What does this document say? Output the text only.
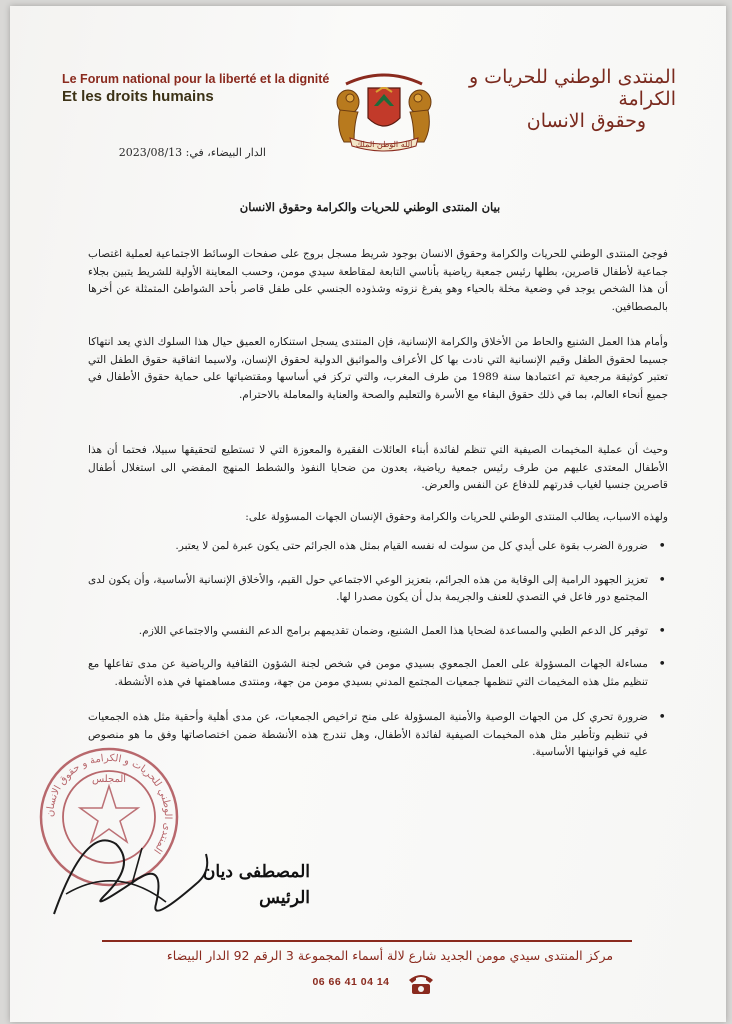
Le Forum national pour la liberté et la dignité
Et les droits humains
الله الوطن الملك
المنتدى الوطني للحريات و الكرامة
وحقوق الانسان
الدار البيضاء، في: 2023/08/13
بيان المنتدى الوطني للحريات والكرامة وحقوق الانسان

فوجئ المنتدى الوطني للحريات والكرامة وحقوق الانسان بوجود شريط مسجل بروج على صفحات الوسائط الاجتماعية لعملية اغتصاب جماعية لأطفال قاصرين، بطلها رئيس جمعية رياضية بأناسي التابعة لمقاطعة سيدي مومن، وحسب المعاينة الأولية للشريط يتبين بجلاء أن هذا الشخص يوجد في وضعية مخلة بالحياء وهو يفرغ نزوته وشذوده الجنسي على طفل قاصر بأحد الشواطئ المتمثلة عن أخرها بالمصطافين.

وأمام هذا العمل الشنيع والحاط من الأخلاق والكرامة الإنسانية، فإن المنتدى يسجل استنكاره العميق حيال هذا السلوك الذي يعد انتهاكا جسيما لحقوق الطفل وقيم الإنسانية التي نادت بها كل الأعراف والمواثيق الدولية لحقوق الإنسان، ولاسيما اتفاقية حقوق الطفل التي تعتبر كوثيقة مرجعية تم اعتمادها سنة 1989 من طرف المغرب، والتي تركز في أساسها ومقتضياتها على حماية حقوق الأطفال في جميع أنحاء العالم، بما في ذلك حقوق البقاء مع الأسرة والتعليم والصحة والعناية والمعاملة بالاحترام.

وحيث أن عملية المخيمات الصيفية التي تنظم لفائدة أبناء العائلات الفقيرة والمعوزة التي لا تستطيع لتحقيقها سبيلا، فحتما أن هذا الأطفال المعتدى عليهم من طرف رئيس جمعية رياضية، يعدون من ضحايا النفوذ والشطط المنهج المفضي الى استغلال أطفال قاصرين جنسيا لغياب قدرتهم للدفاع عن النفس والعرض.

ولهذه الاسباب، يطالب المنتدى الوطني للحريات والكرامة وحقوق الإنسان الجهات المسؤولة على:

• ضرورة الضرب بقوة على أيدي كل من سولت له نفسه القيام بمثل هذه الجرائم حتى يكون عبرة لمن لا يعتبر.
• تعزيز الجهود الرامية إلى الوقاية من هذه الجرائم، بتعزيز الوعي الاجتماعي حول القيم، والأخلاق الإنسانية الأساسية، وأن يكون لدى المجتمع دور فاعل في التصدي للعنف والجريمة بدل أن يكون مصدرا لها.
• توفير كل الدعم الطبي والمساعدة لضحايا هذا العمل الشنيع، وضمان تقديمهم برامج الدعم النفسي والاجتماعي اللازم.
• مساءلة الجهات المسؤولة على العمل الجمعوي بسيدي مومن في شخص لجنة الشؤون الثقافية والرياضية عن مدى تفاعلها مع تنظيم مثل هذه المخيمات التي تنظمها جمعيات المجتمع المدني بسيدي مومن من جهة، ومنتدى مساهمتها في هذه الأنشطة.
• ضرورة تحري كل من الجهات الوصية والأمنية المسؤولة على منح تراخيص الجمعيات، عن مدى أهلية وأحقية مثل هذه الجمعيات في تنظيم وتأطير مثل هذه المخيمات الصيفية لفائدة الأطفال، وهل تندرج هذه الأنشطة ضمن اختصاصاتها وفق ما هو منصوص عليه في قوانينها الأساسية.
المنتدى الوطني للحريات و الكرامة و حقوق الانسان
المجلس
المصطفى ديان
الرئيس
مركز المنتدى سيدي مومن الجديد شارع لالة أسماء المجموعة 3 الرقم 92 الدار البيضاء
06 66 41 04 14
